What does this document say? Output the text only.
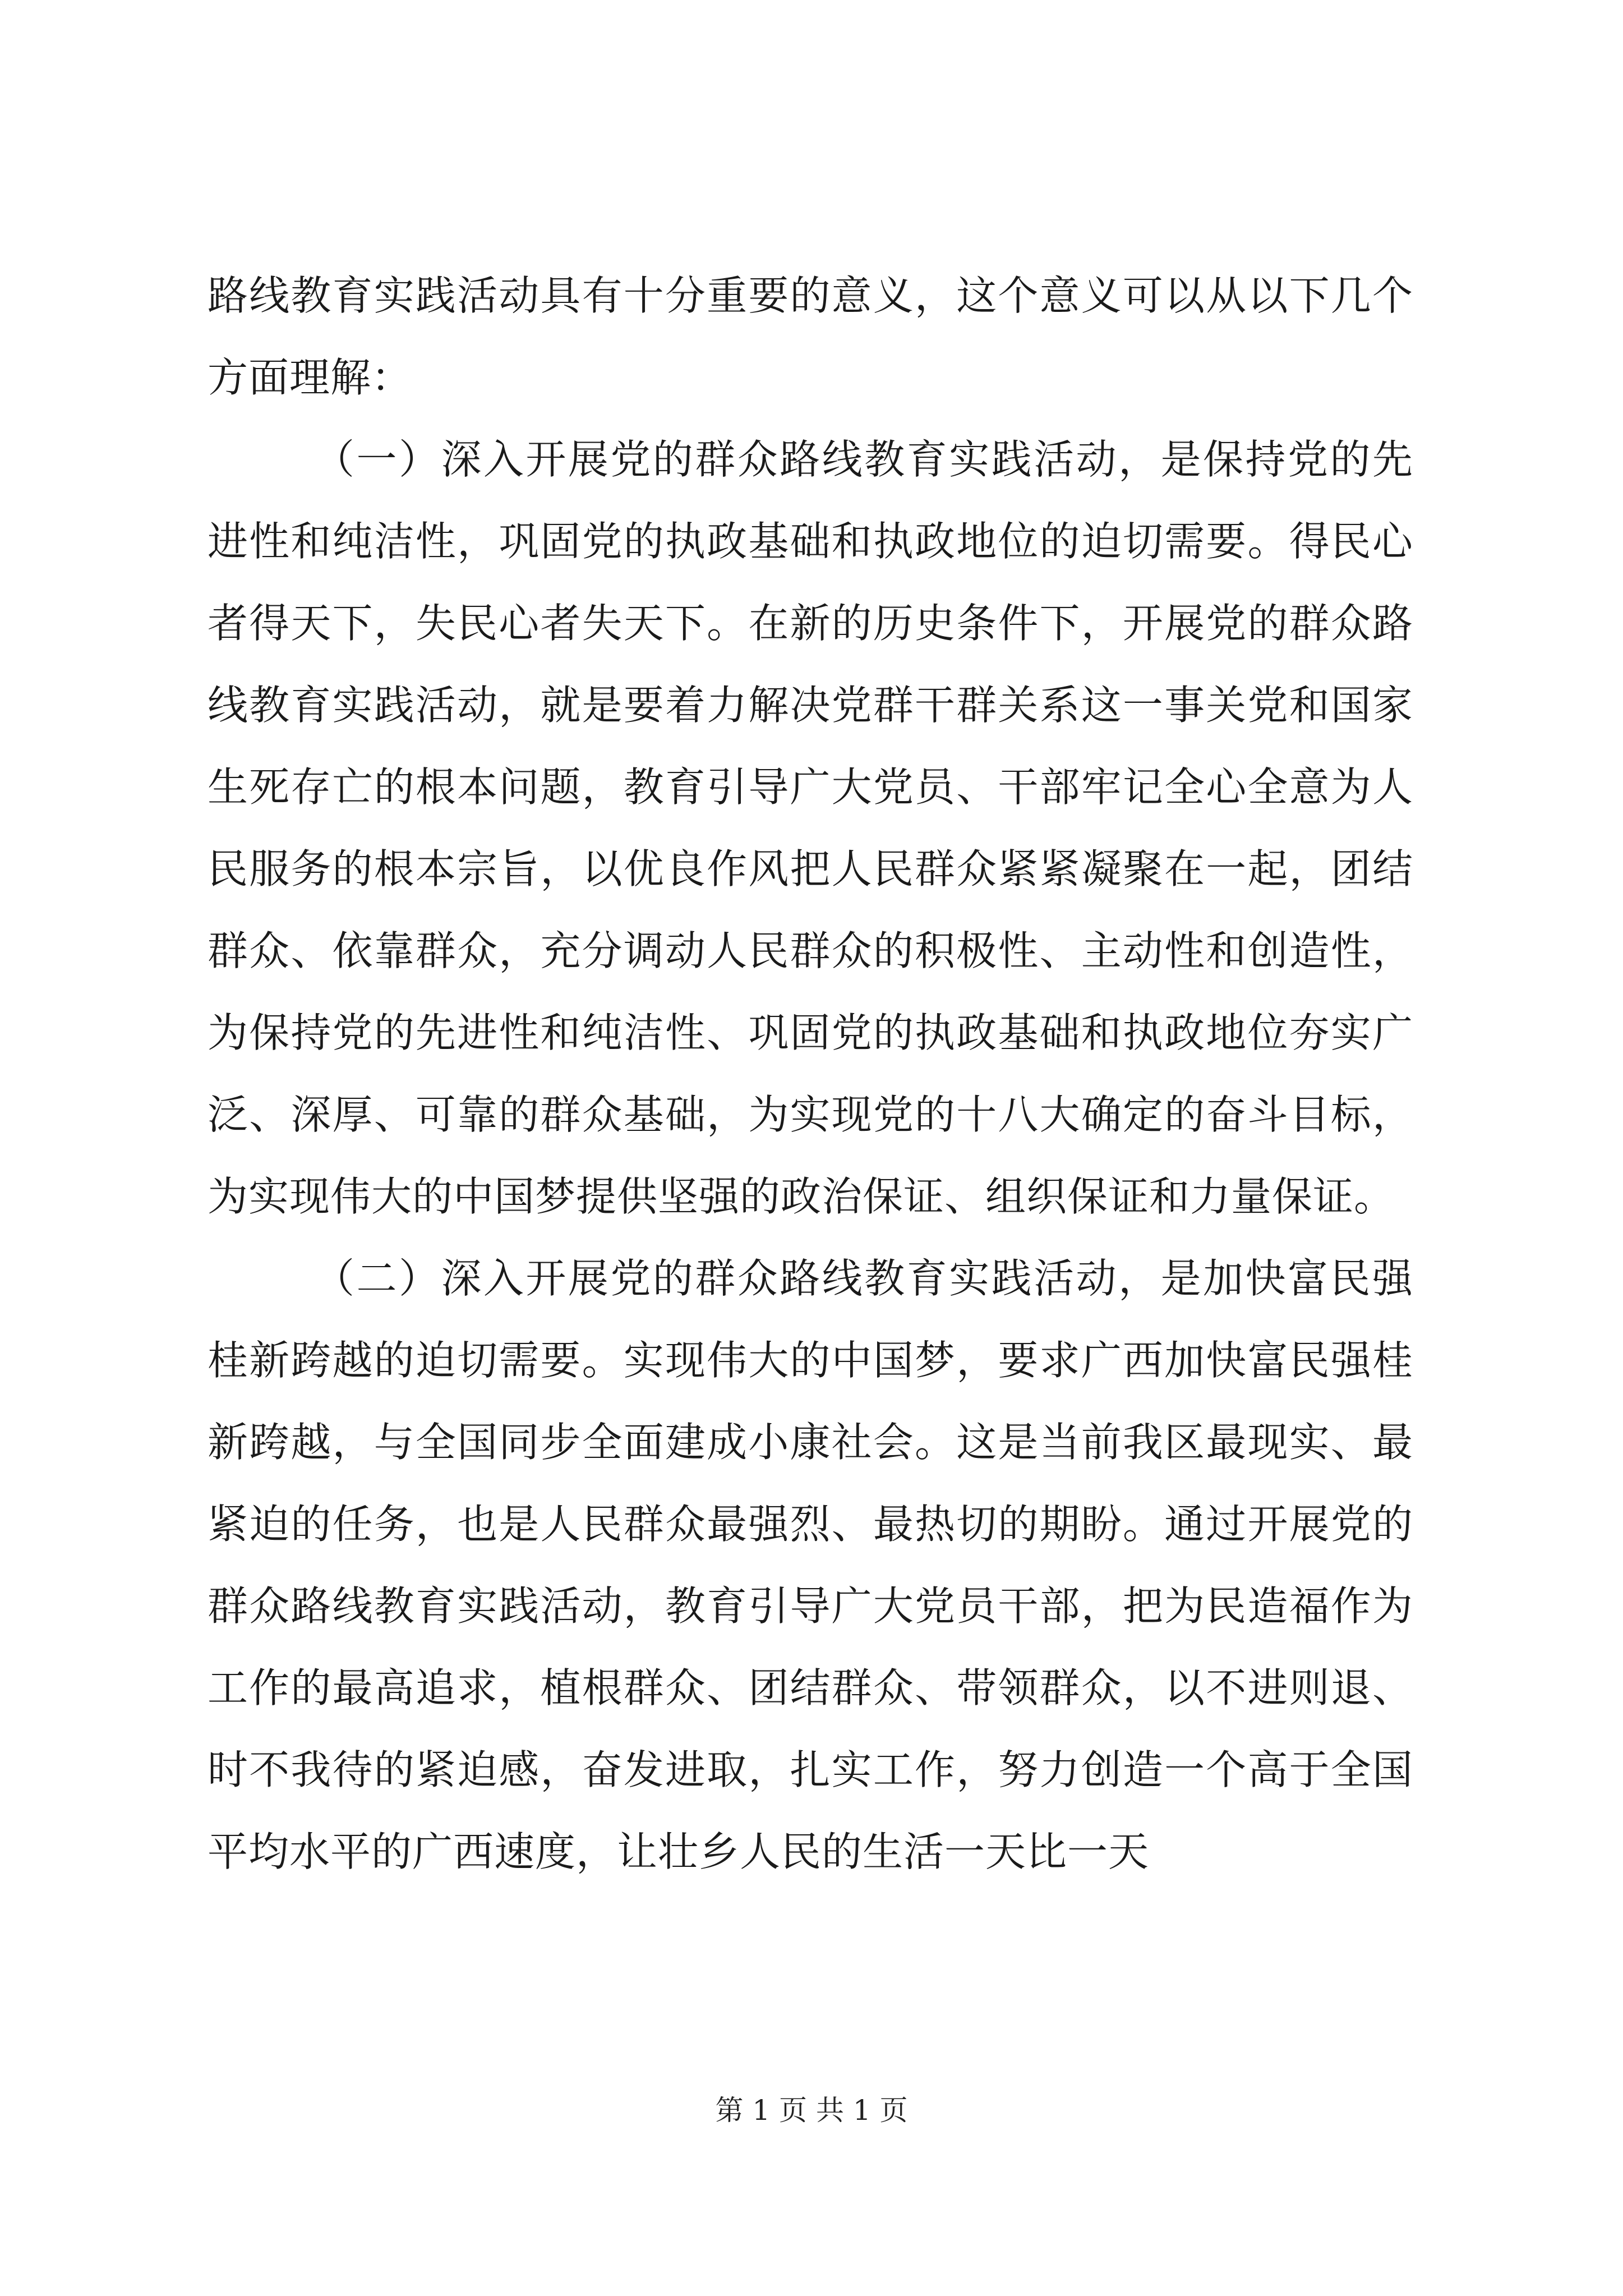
路线教育实践活动具有十分重要的意义，这个意义可以从以下几个方面理解：

（一）深入开展党的群众路线教育实践活动，是保持党的先进性和纯洁性，巩固党的执政基础和执政地位的迫切需要。得民心者得天下，失民心者失天下。在新的历史条件下，开展党的群众路线教育实践活动，就是要着力解决党群干群关系这一事关党和国家生死存亡的根本问题，教育引导广大党员、干部牢记全心全意为人民服务的根本宗旨，以优良作风把人民群众紧紧凝聚在一起，团结群众、依靠群众，充分调动人民群众的积极性、主动性和创造性，为保持党的先进性和纯洁性、巩固党的执政基础和执政地位夯实广泛、深厚、可靠的群众基础，为实现党的十八大确定的奋斗目标，为实现伟大的中国梦提供坚强的政治保证、组织保证和力量保证。

（二）深入开展党的群众路线教育实践活动，是加快富民强桂新跨越的迫切需要。实现伟大的中国梦，要求广西加快富民强桂新跨越，与全国同步全面建成小康社会。这是当前我区最现实、最紧迫的任务，也是人民群众最强烈、最热切的期盼。通过开展党的群众路线教育实践活动，教育引导广大党员干部，把为民造福作为工作的最高追求，植根群众、团结群众、带领群众，以不进则退、时不我待的紧迫感，奋发进取，扎实工作，努力创造一个高于全国平均水平的广西速度，让壮乡人民的生活一天比一天

第 1 页 共 1 页
